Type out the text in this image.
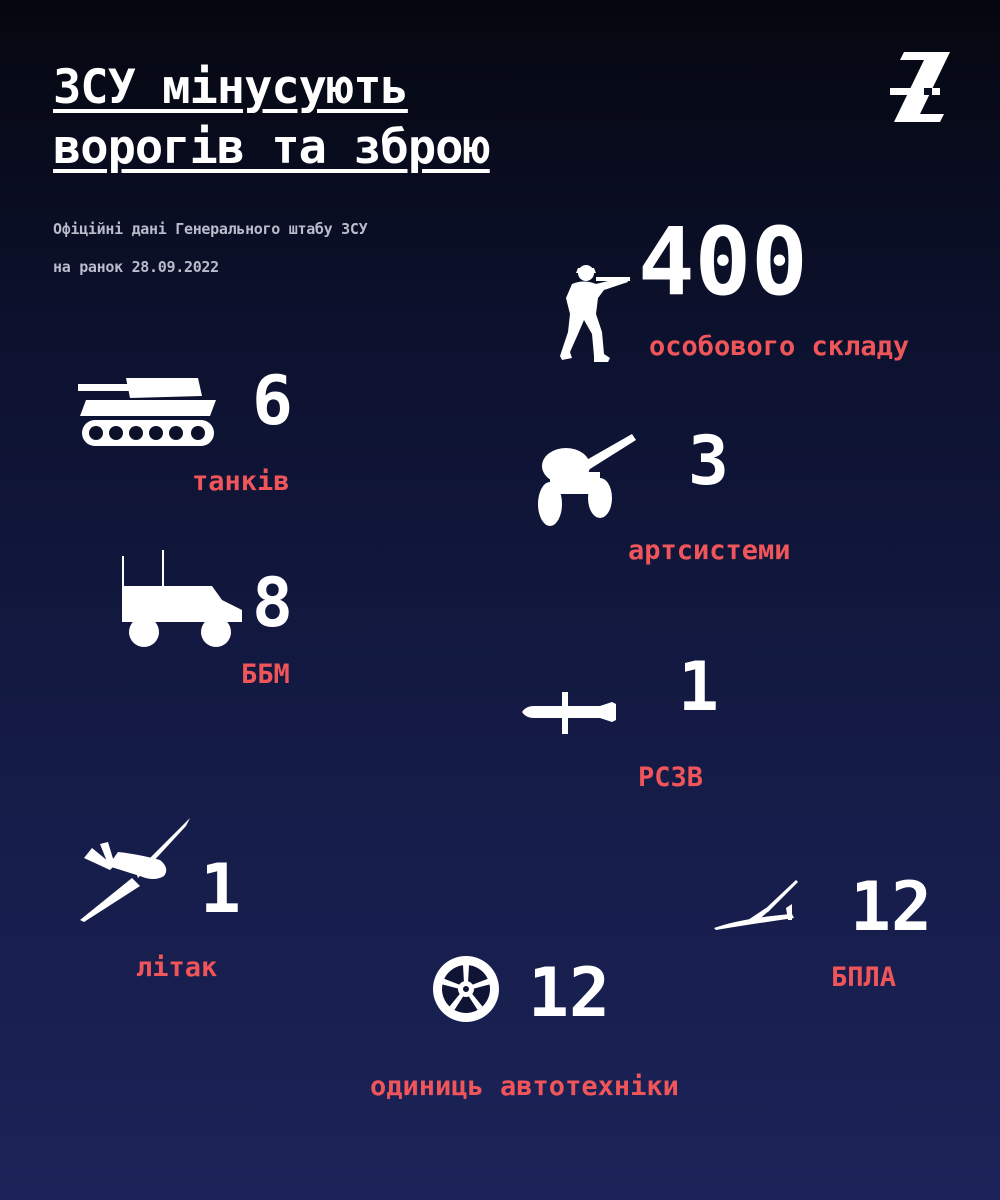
ЗСУ мінусують
ворогів та зброю
Офіційні дані Генерального штабу ЗСУ
на ранок 28.09.2022	400
особового складу
6
танків	3
артсистеми
8
ББМ	1
РСЗВ
1
літак
12
БПЛА
12
одиниць автотехніки
